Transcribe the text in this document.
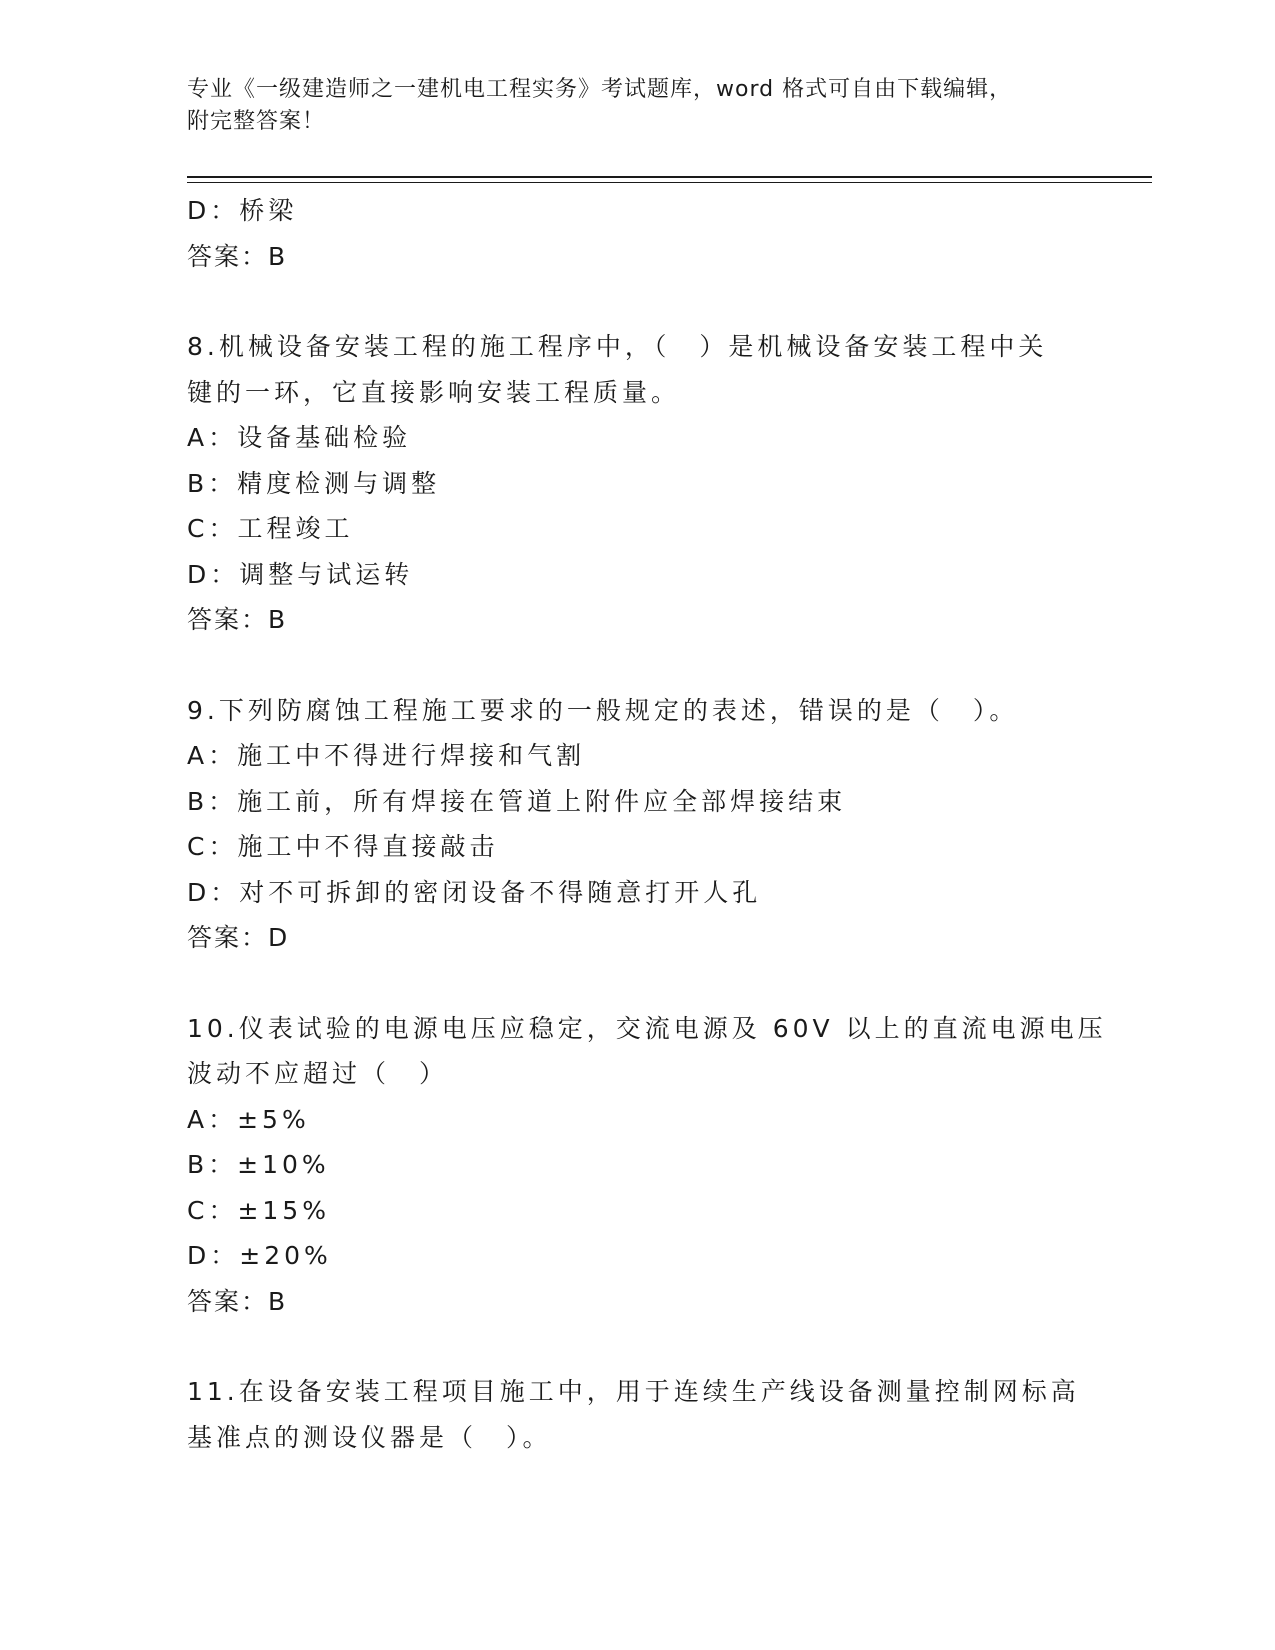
专业《一级建造师之一建机电工程实务》考试题库，word 格式可自由下载编辑，
附完整答案！
D：桥梁
答案：B
8.机械设备安装工程的施工程序中，（　）是机械设备安装工程中关
键的一环，它直接影响安装工程质量。
A：设备基础检验
B：精度检测与调整
C：工程竣工
D：调整与试运转
答案：B
9.下列防腐蚀工程施工要求的一般规定的表述，错误的是（　）。
A：施工中不得进行焊接和气割
B：施工前，所有焊接在管道上附件应全部焊接结束
C：施工中不得直接敲击
D：对不可拆卸的密闭设备不得随意打开人孔
答案：D
10.仪表试验的电源电压应稳定，交流电源及 60V 以上的直流电源电压
波动不应超过（　）
A：±5%
B：±10%
C：±15%
D：±20%
答案：B
11.在设备安装工程项目施工中，用于连续生产线设备测量控制网标高
基准点的测设仪器是（　）。
